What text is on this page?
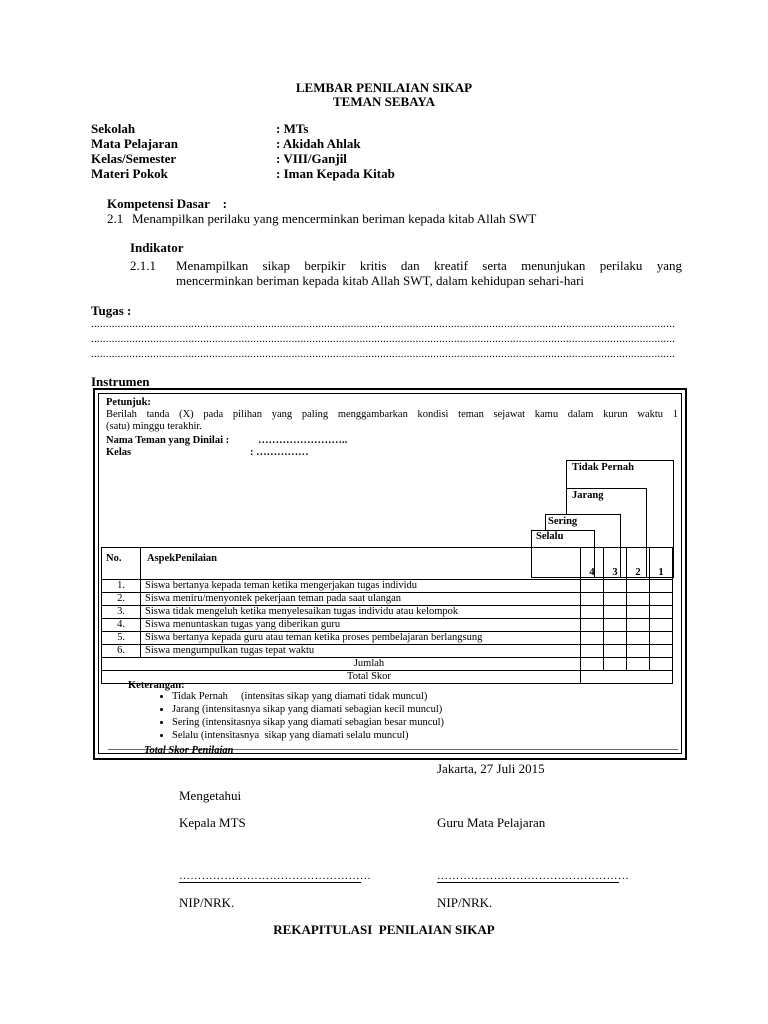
LEMBAR PENILAIAN SIKAP
TEMAN SEBAYA
Sekolah	: MTs
Mata Pelajaran	: Akidah Ahlak
Kelas/Semester	: VIII/Ganjil
Materi Pokok	: Iman Kepada Kitab
Kompetensi Dasar    :
2.1 Menampilkan perilaku yang mencerminkan beriman kepada kitab Allah SWT
Indikator
2.1.1 Menampilkan sikap berpikir kritis dan kreatif serta menunjukan perilaku yang
mencerminkan beriman kepada kitab Allah SWT, dalam kehidupan sehari-hari
Tugas :
......................................................................................................................................................................................................
......................................................................................................................................................................................................
......................................................................................................................................................................................................
Instrumen
Petunjuk:
Berilah tanda (X) pada pilihan yang paling menggambarkan kondisi teman sejawat kamu dalam kurun waktu 1
(satu) minggu terakhir.
Nama Teman yang Dinilai :	……………………..
Kelas	: ……………
Tidak Pernah
Jarang
Sering
Selalu
No.	AspekPenilaian	4	3	2	1
1.	Siswa bertanya kepada teman ketika mengerjakan tugas individu				
2.	Siswa meniru/menyontek pekerjaan teman pada saat ulangan				
3.	Siswa tidak mengeluh ketika menyelesaikan tugas individu atau kelompok				
4.	Siswa menuntaskan tugas yang diberikan guru				
5.	Siswa bertanya kepada guru atau teman ketika proses pembelajaran berlangsung				
6.	Siswa mengumpulkan tugas tepat waktu				
Jumlah					
Total Skor					
Keterangan:
• Tidak Pernah     (intensitas sikap yang diamati tidak muncul)
• Jarang (intensitasnya sikap yang diamati sebagian kecil muncul)
• Sering (intensitasnya sikap yang diamati sebagian besar muncul)
• Selalu (intensitasnya  sikap yang diamati selalu muncul)
Total Skor Penilaian
Jakarta, 27 Juli 2015
Mengetahui
Kepala MTS	Guru Mata Pelajaran
……………………………………………	……………………………………………
NIP/NRK.	NIP/NRK.
REKAPITULASI  PENILAIAN SIKAP
